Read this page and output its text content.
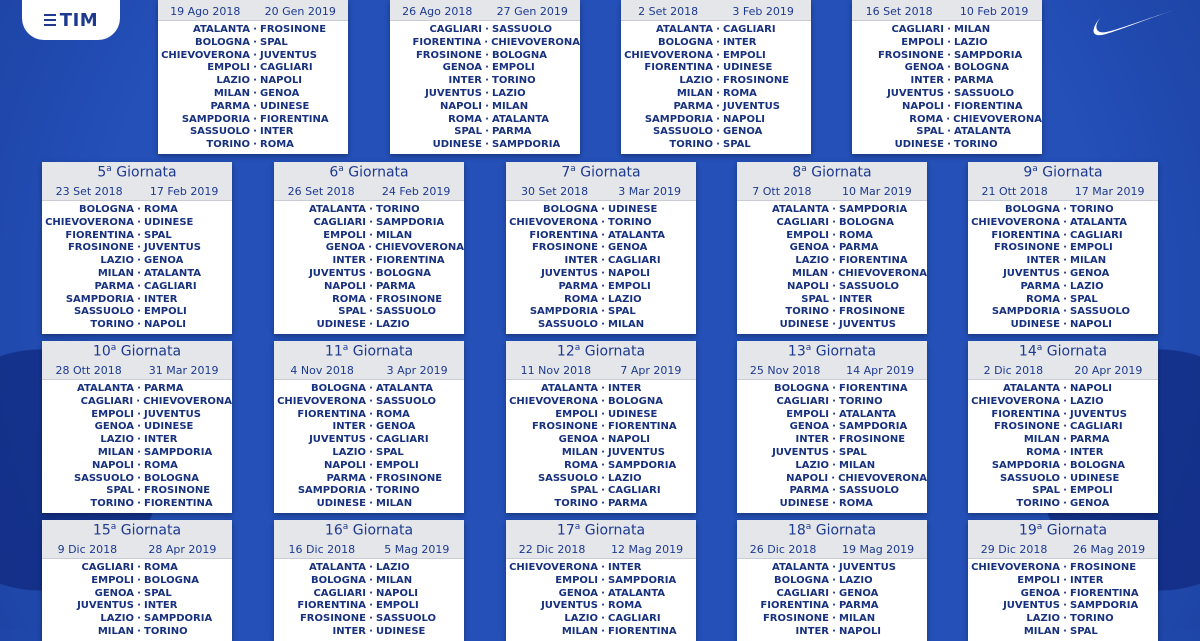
TIM	19 Ago 2018 20 Gen 2019
ATALANTA · FROSINONE
BOLOGNA · SPAL
CHIEVOVERONA · JUVENTUS
EMPOLI · CAGLIARI
LAZIO · NAPOLI
MILAN · GENOA
PARMA · UDINESE
SAMPDORIA · FIORENTINA
SASSUOLO · INTER
TORINO · ROMA
26 Ago 2018 27 Gen 2019
CAGLIARI · SASSUOLO
FIORENTINA · CHIEVOVERONA
FROSINONE · BOLOGNA
GENOA · EMPOLI
INTER · TORINO
JUVENTUS · LAZIO
NAPOLI · MILAN
ROMA · ATALANTA
SPAL · PARMA
UDINESE · SAMPDORIA
2 Set 2018	3 Feb 2019
ATALANTA · CAGLIARI
BOLOGNA · INTER
CHIEVOVERONA · EMPOLI
FIORENTINA · UDINESE
LAZIO · FROSINONE
MILAN · ROMA
PARMA · JUVENTUS
SAMPDORIA · NAPOLI
SASSUOLO · GENOA
TORINO · SPAL
16 Set 2018 10 Feb 2019
CAGLIARI · MILAN
EMPOLI · LAZIO
FROSINONE · SAMPDORIA
GENOA · BOLOGNA
INTER · PARMA
JUVENTUS · SASSUOLO
NAPOLI · FIORENTINA
ROMA · CHIEVOVERONA
SPAL · ATALANTA
UDINESE · TORINO
5$^a$ Giornata
23 Set 2018 17 Feb 2019
BOLOGNA · ROMA
CHIEVOVERONA · UDINESE
FIORENTINA · SPAL
FROSINONE · JUVENTUS
LAZIO · GENOA
MILAN · ATALANTA
PARMA · CAGLIARI
SAMPDORIA · INTER
SASSUOLO · EMPOLI
TORINO · NAPOLI
6$^a$ Giornata
26 Set 2018 24 Feb 2019
ATALANTA · TORINO
CAGLIARI · SAMPDORIA
EMPOLI · MILAN
GENOA · CHIEVOVERONA
INTER · FIORENTINA
JUVENTUS · BOLOGNA
NAPOLI · PARMA
ROMA · FROSINONE
SPAL · SASSUOLO
UDINESE · LAZIO
7$^a$ Giornata
30 Set 2018	3 Mar 2019
BOLOGNA · UDINESE
CHIEVOVERONA · TORINO
FIORENTINA · ATALANTA
FROSINONE · GENOA
INTER · CAGLIARI
JUVENTUS · NAPOLI
PARMA · EMPOLI
ROMA · LAZIO
SAMPDORIA · SPAL
SASSUOLO · MILAN
8$^a$ Giornata
7 Ott 2018	10 Mar 2019
ATALANTA · SAMPDORIA
CAGLIARI · BOLOGNA
EMPOLI · ROMA
GENOA · PARMA
LAZIO · FIORENTINA
MILAN · CHIEVOVERONA
NAPOLI · SASSUOLO
SPAL · INTER
TORINO · FROSINONE
UDINESE · JUVENTUS
9$^a$ Giornata
21 Ott 2018 17 Mar 2019
BOLOGNA · TORINO
CHIEVOVERONA · ATALANTA
FIORENTINA · CAGLIARI
FROSINONE · EMPOLI
INTER · MILAN
JUVENTUS · GENOA
PARMA · LAZIO
ROMA · SPAL
SAMPDORIA · SASSUOLO
UDINESE · NAPOLI
10$^a$ Giornata
28 Ott 2018 31 Mar 2019
ATALANTA · PARMA
CAGLIARI · CHIEVOVERONA
EMPOLI · JUVENTUS
GENOA · UDINESE
LAZIO · INTER
MILAN · SAMPDORIA
NAPOLI · ROMA
SASSUOLO · BOLOGNA
SPAL · FROSINONE
TORINO · FIORENTINA
11$^a$ Giornata
4 Nov 2018	3 Apr 2019
BOLOGNA · ATALANTA
CHIEVOVERONA · SASSUOLO
FIORENTINA · ROMA
INTER · GENOA
JUVENTUS · CAGLIARI
LAZIO · SPAL
NAPOLI · EMPOLI
PARMA · FROSINONE
SAMPDORIA · TORINO
UDINESE · MILAN
12$^a$ Giornata
11 Nov 2018	7 Apr 2019
ATALANTA · INTER
CHIEVOVERONA · BOLOGNA
EMPOLI · UDINESE
FROSINONE · FIORENTINA
GENOA · NAPOLI
MILAN · JUVENTUS
ROMA · SAMPDORIA
SASSUOLO · LAZIO
SPAL · CAGLIARI
TORINO · PARMA
13$^a$ Giornata
25 Nov 2018 14 Apr 2019
BOLOGNA · FIORENTINA
CAGLIARI · TORINO
EMPOLI · ATALANTA
GENOA · SAMPDORIA
INTER · FROSINONE
JUVENTUS · SPAL
LAZIO · MILAN
NAPOLI · CHIEVOVERONA
PARMA · SASSUOLO
UDINESE · ROMA
14$^a$ Giornata
2 Dic 2018	20 Apr 2019
ATALANTA · NAPOLI
CHIEVOVERONA · LAZIO
FIORENTINA · JUVENTUS
FROSINONE · CAGLIARI
MILAN · PARMA
ROMA · INTER
SAMPDORIA · BOLOGNA
SASSUOLO · UDINESE
SPAL · EMPOLI
TORINO · GENOA
15$^a$ Giornata
9 Dic 2018	28 Apr 2019
CAGLIARI · ROMA
EMPOLI · BOLOGNA
GENOA · SPAL
JUVENTUS · INTER
LAZIO · SAMPDORIA
MILAN · TORINO
16$^a$ Giornata
16 Dic 2018	5 Mag 2019
ATALANTA · LAZIO
BOLOGNA · MILAN
CAGLIARI · NAPOLI
FIORENTINA · EMPOLI
FROSINONE · SASSUOLO
INTER · UDINESE
17$^a$ Giornata
22 Dic 2018 12 Mag 2019
CHIEVOVERONA · INTER
EMPOLI · SAMPDORIA
GENOA · ATALANTA
JUVENTUS · ROMA
LAZIO · CAGLIARI
MILAN · FIORENTINA
18$^a$ Giornata
26 Dic 2018 19 Mag 2019
ATALANTA · JUVENTUS
BOLOGNA · LAZIO
CAGLIARI · GENOA
FIORENTINA · PARMA
FROSINONE · MILAN
INTER · NAPOLI
19$^a$ Giornata
29 Dic 2018 26 Mag 2019
CHIEVOVERONA · FROSINONE
EMPOLI · INTER
GENOA · FIORENTINA
JUVENTUS · SAMPDORIA
LAZIO · TORINO
MILAN · SPAL
